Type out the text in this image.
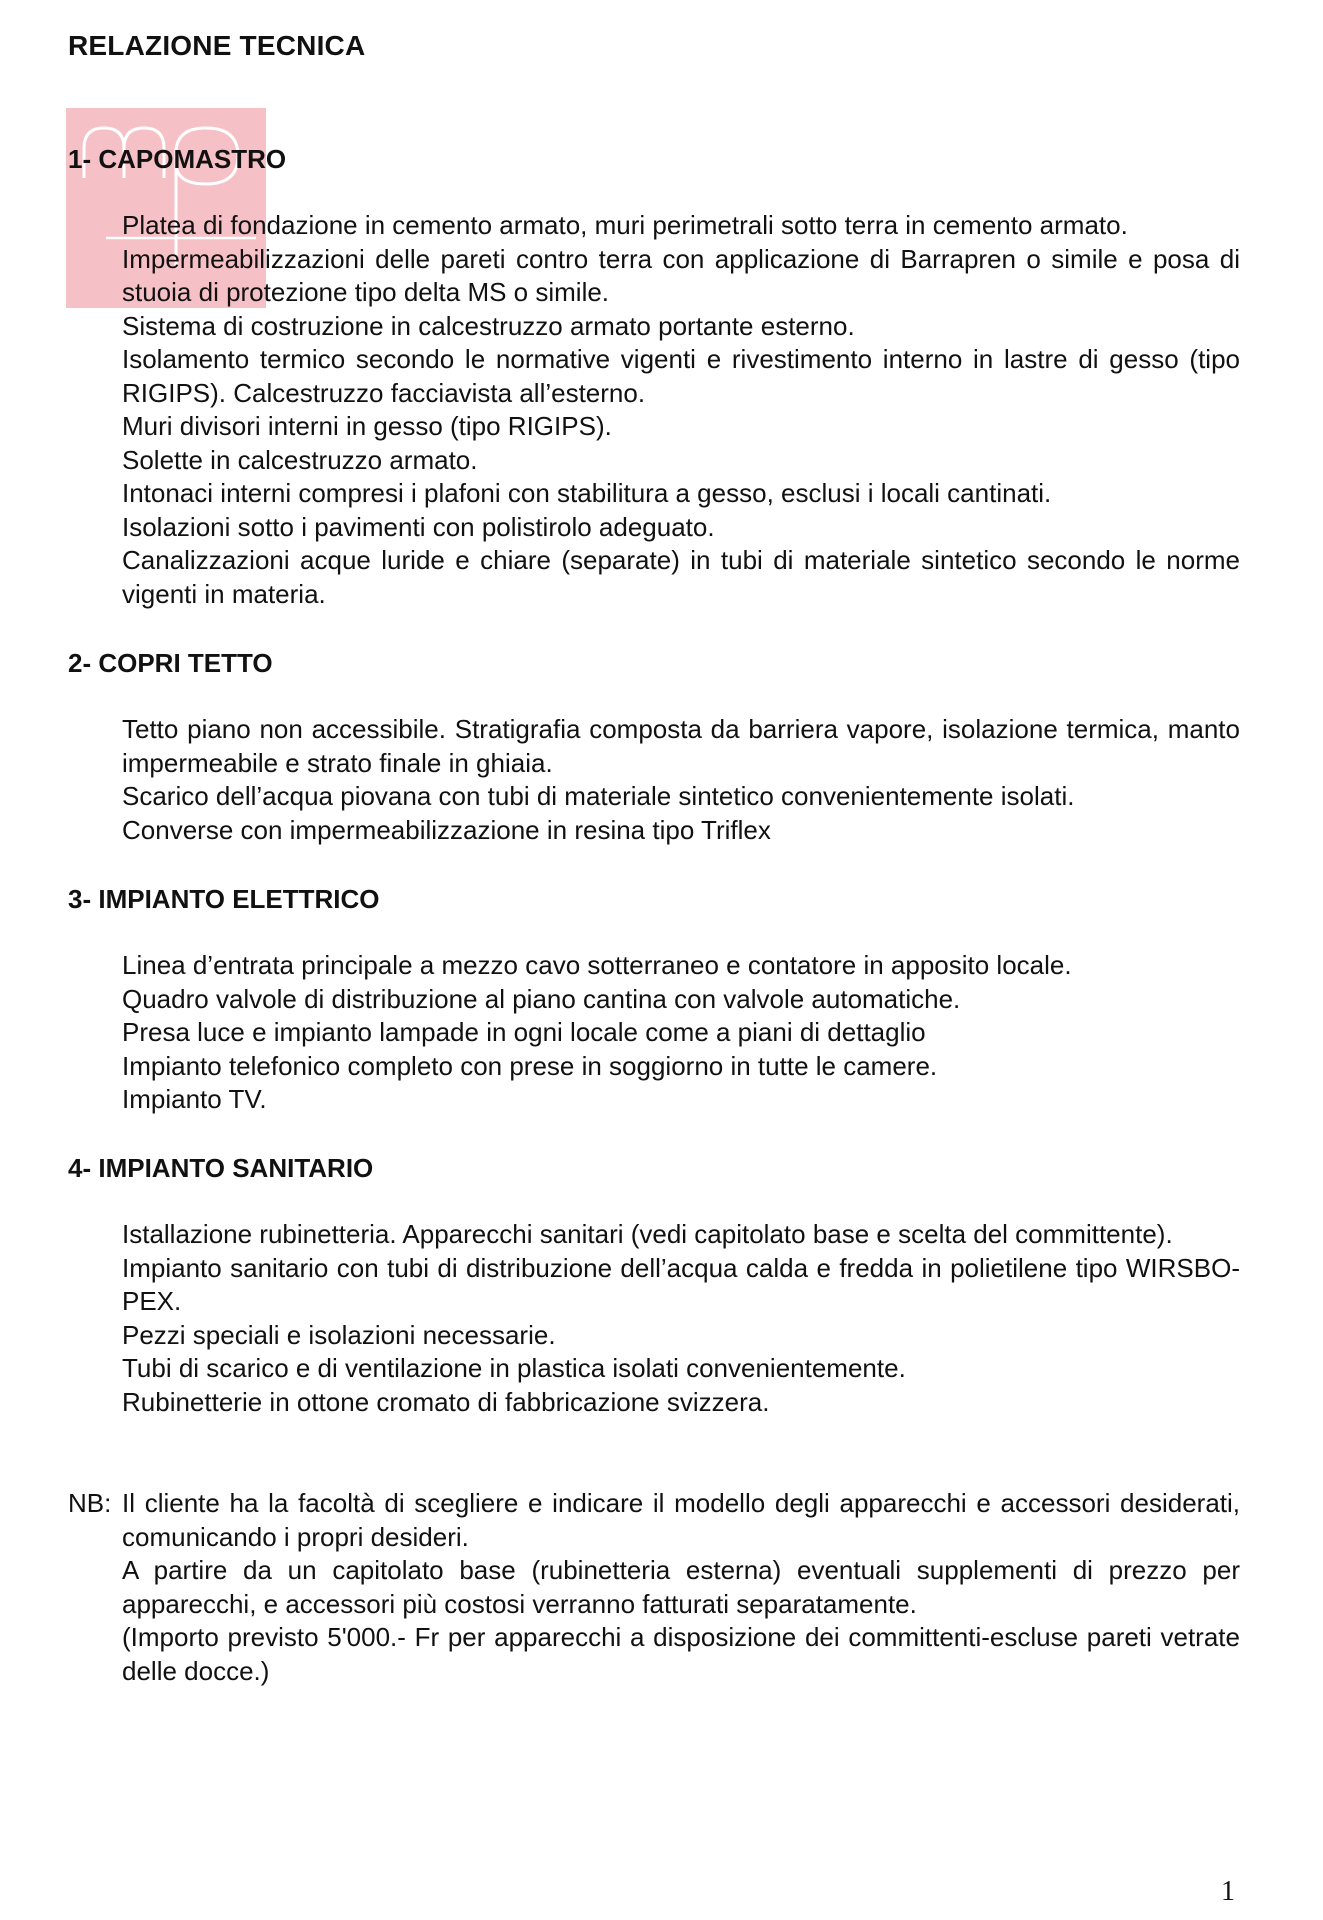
RELAZIONE TECNICA
1- CAPOMASTRO

Platea di fondazione in cemento armato, muri perimetrali sotto terra in cemento armato.

Impermeabilizzazioni delle pareti contro terra con applicazione di Barrapren o simile e posa di stuoia di protezione tipo delta MS o simile.

Sistema di costruzione in calcestruzzo armato portante esterno.

Isolamento termico secondo le normative vigenti e rivestimento interno in lastre di gesso (tipo RIGIPS). Calcestruzzo facciavista all’esterno.

Muri divisori interni in gesso (tipo RIGIPS).

Solette in calcestruzzo armato.

Intonaci interni compresi i plafoni con stabilitura a gesso, esclusi i locali cantinati.

Isolazioni sotto i pavimenti con polistirolo adeguato.

Canalizzazioni acque luride e chiare (separate) in tubi di materiale sintetico secondo le norme vigenti in materia.

2- COPRI TETTO

Tetto piano non accessibile. Stratigrafia composta da barriera vapore, isolazione termica, manto impermeabile e strato finale in ghiaia.

Scarico dell’acqua piovana con tubi di materiale sintetico convenientemente isolati.

Converse con impermeabilizzazione in resina tipo Triflex

3- IMPIANTO ELETTRICO

Linea d’entrata principale a mezzo cavo sotterraneo e contatore in apposito locale.

Quadro valvole di distribuzione al piano cantina con valvole automatiche.

Presa luce e impianto lampade in ogni locale come a piani di dettaglio

Impianto telefonico completo con prese in soggiorno in tutte le camere.

Impianto TV.

4- IMPIANTO SANITARIO

Istallazione rubinetteria. Apparecchi sanitari (vedi capitolato base e scelta del committente).

Impianto sanitario con tubi di distribuzione dell’acqua calda e fredda in polietilene tipo WIRSBO-PEX.

Pezzi speciali e isolazioni necessarie.

Tubi di scarico e di ventilazione in plastica isolati convenientemente.

Rubinetterie in ottone cromato di fabbricazione svizzera.

NB: Il cliente ha la facoltà di scegliere e indicare il modello degli apparecchi e accessori desiderati, comunicando i propri desideri.

A partire da un capitolato base (rubinetteria esterna) eventuali supplementi di prezzo per apparecchi, e accessori più costosi verranno fatturati separatamente.

(Importo previsto 5'000.- Fr per apparecchi a disposizione dei committenti-escluse pareti vetrate delle docce.)

1
